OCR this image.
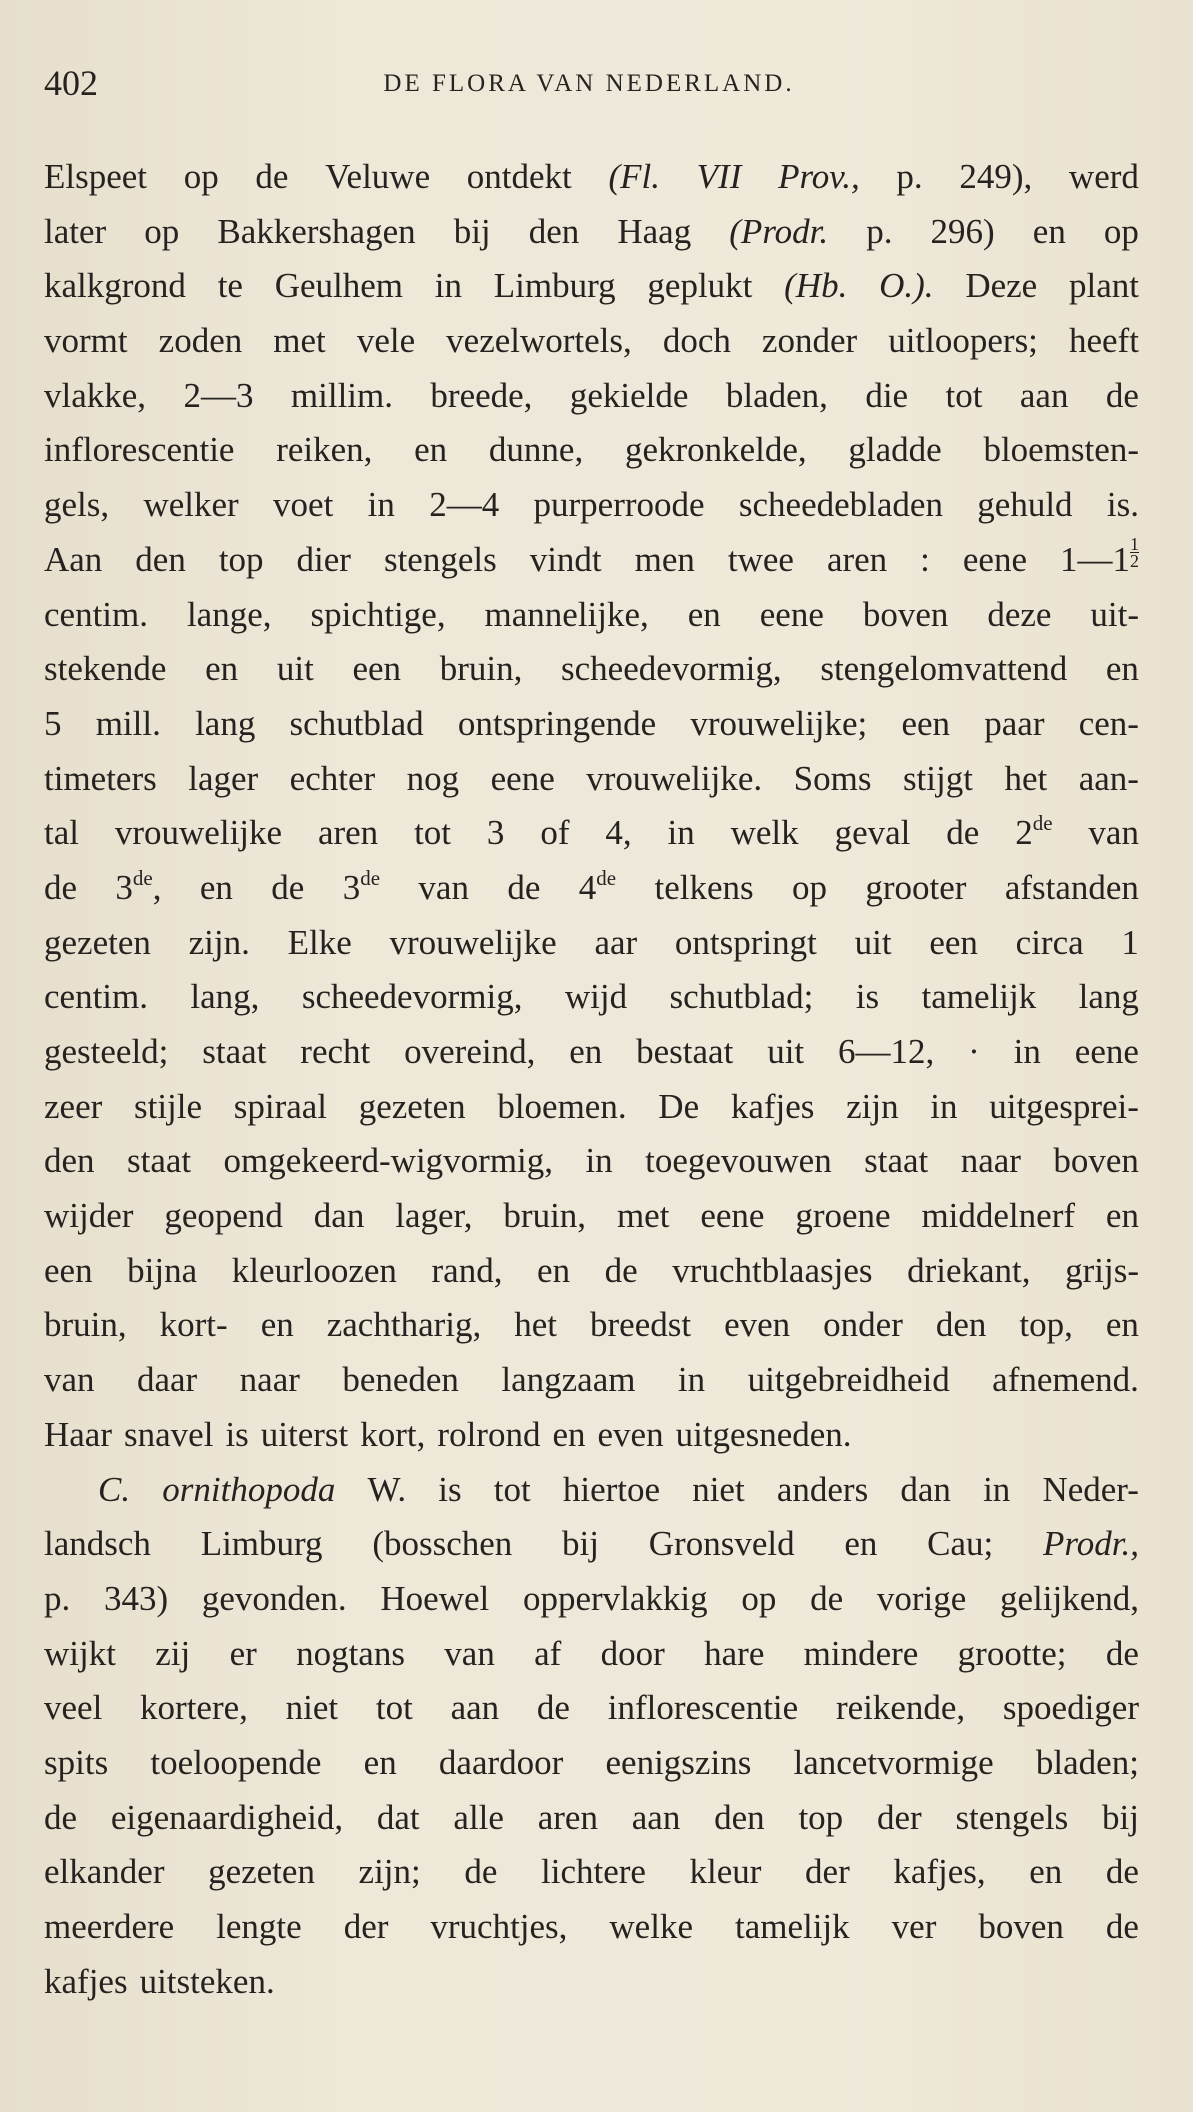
402	DE FLORA VAN NEDERLAND.
Elspeet op de Veluwe ontdekt (Fl. VII Prov., p. 249), werd
later op Bakkershagen bij den Haag (Prodr. p. 296) en op
kalkgrond te Geulhem in Limburg geplukt (Hb. O.). Deze plant
vormt zoden met vele vezelwortels, doch zonder uitloopers; heeft
vlakke, 2—3 millim. breede, gekielde bladen, die tot aan de
inflorescentie reiken, en dunne, gekronkelde, gladde bloemsten-
gels, welker voet in 2—4 purperroode scheedebladen gehuld is.
Aan den top dier stengels vindt men twee aren : eene 1—1 $\frac{1}{2}$
centim. lange, spichtige, mannelijke, en eene boven deze uit-
stekende en uit een bruin, scheedevormig, stengelomvattend en
5 mill. lang schutblad ontspringende vrouwelijke; een paar cen-
timeters lager echter nog eene vrouwelijke. Soms stijgt het aan-
tal vrouwelijke aren tot 3 of 4, in welk geval de 2de van
de 3de, en de 3de van de 4de telkens op grooter afstanden
gezeten zijn. Elke vrouwelijke aar ontspringt uit een circa 1
centim. lang, scheedevormig, wijd schutblad; is tamelijk lang
gesteeld; staat recht overeind, en bestaat uit 6—12, · in eene
zeer stijle spiraal gezeten bloemen. De kafjes zijn in uitgesprei-
den staat omgekeerd-wigvormig, in toegevouwen staat naar boven
wijder geopend dan lager, bruin, met eene groene middelnerf en
een bijna kleurloozen rand, en de vruchtblaasjes driekant, grijs-
bruin, kort- en zachtharig, het breedst even onder den top, en
van daar naar beneden langzaam in uitgebreidheid afnemend.
Haar snavel is uiterst kort, rolrond en even uitgesneden.
C. ornithopoda W. is tot hiertoe niet anders dan in Neder-
landsch Limburg (bosschen bij Gronsveld en Cau; Prodr.,
p. 343) gevonden. Hoewel oppervlakkig op de vorige gelijkend,
wijkt zij er nogtans van af door hare mindere grootte; de
veel kortere, niet tot aan de inflorescentie reikende, spoediger
spits toeloopende en daardoor eenigszins lancetvormige bladen;
de eigenaardigheid, dat alle aren aan den top der stengels bij
elkander gezeten zijn; de lichtere kleur der kafjes, en de
meerdere lengte der vruchtjes, welke tamelijk ver boven de
kafjes uitsteken.
